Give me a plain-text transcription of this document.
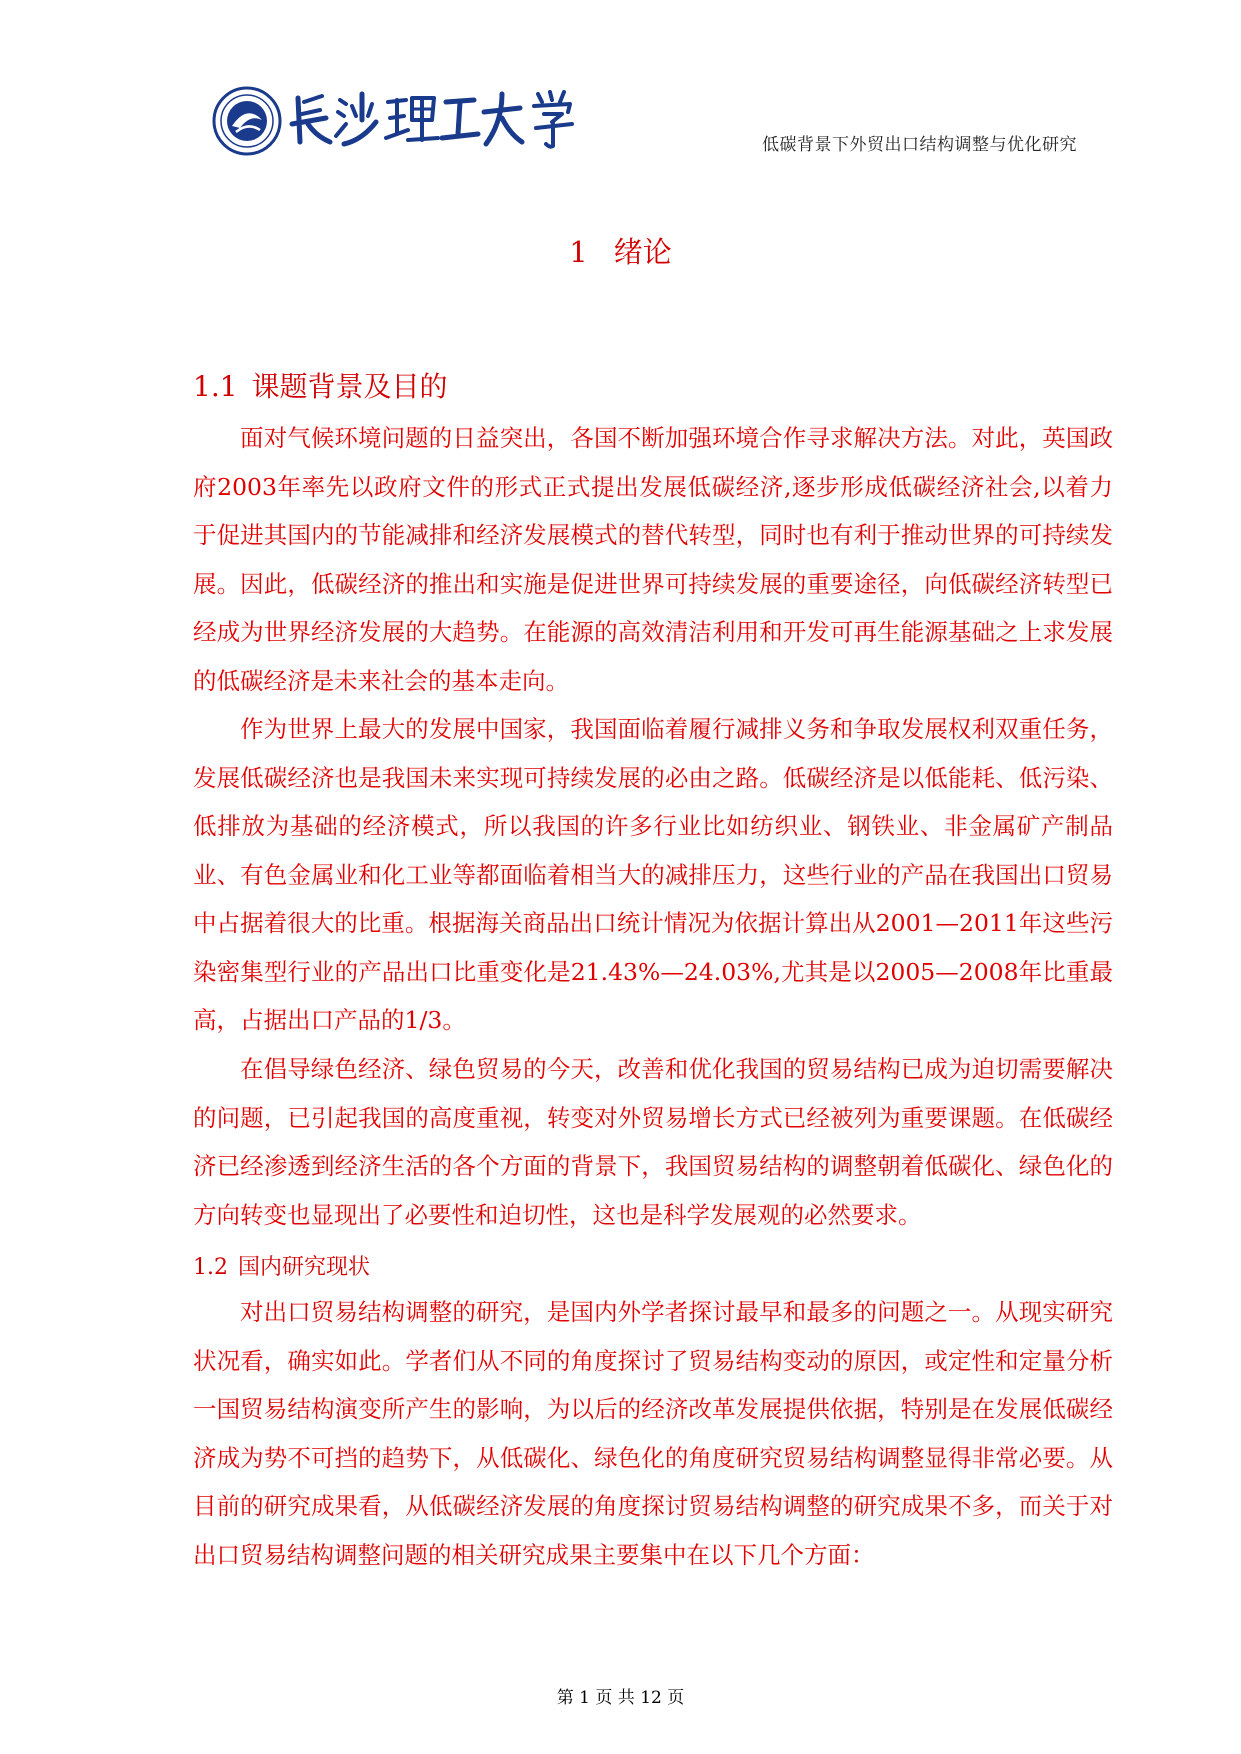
低碳背景下外贸出口结构调整与优化研究
1 绪论
1.1 课题背景及目的

面对气候环境问题的日益突出，各国不断加强环境合作寻求解决方法。对此，英国政府2003年率先以政府文件的形式正式提出发展低碳经济,逐步形成低碳经济社会,以着力于促进其国内的节能减排和经济发展模式的替代转型，同时也有利于推动世界的可持续发展。因此，低碳经济的推出和实施是促进世界可持续发展的重要途径，向低碳经济转型已经成为世界经济发展的大趋势。在能源的高效清洁利用和开发可再生能源基础之上求发展的低碳经济是未来社会的基本走向。

作为世界上最大的发展中国家，我国面临着履行减排义务和争取发展权利双重任务，发展低碳经济也是我国未来实现可持续发展的必由之路。低碳经济是以低能耗、低污染、低排放为基础的经济模式，所以我国的许多行业比如纺织业、钢铁业、非金属矿产制品业、有色金属业和化工业等都面临着相当大的减排压力，这些行业的产品在我国出口贸易中占据着很大的比重。根据海关商品出口统计情况为依据计算出从2001—2011年这些污染密集型行业的产品出口比重变化是21.43%—24.03%,尤其是以2005—2008年比重最高，占据出口产品的1/3。

在倡导绿色经济、绿色贸易的今天，改善和优化我国的贸易结构已成为迫切需要解决的问题，已引起我国的高度重视，转变对外贸易增长方式已经被列为重要课题。在低碳经济已经渗透到经济生活的各个方面的背景下，我国贸易结构的调整朝着低碳化、绿色化的方向转变也显现出了必要性和迫切性，这也是科学发展观的必然要求。

1.2 国内研究现状

对出口贸易结构调整的研究，是国内外学者探讨最早和最多的问题之一。从现实研究状况看，确实如此。学者们从不同的角度探讨了贸易结构变动的原因，或定性和定量分析一国贸易结构演变所产生的影响，为以后的经济改革发展提供依据，特别是在发展低碳经济成为势不可挡的趋势下，从低碳化、绿色化的角度研究贸易结构调整显得非常必要。从目前的研究成果看，从低碳经济发展的角度探讨贸易结构调整的研究成果不多，而关于对出口贸易结构调整问题的相关研究成果主要集中在以下几个方面：

第 1 页 共 12 页
